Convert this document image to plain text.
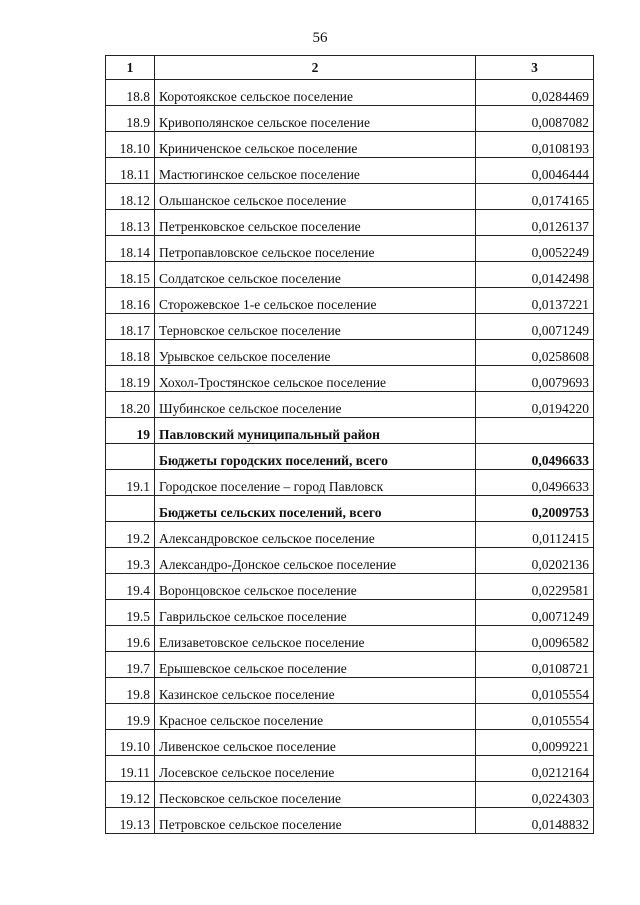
56
1	2	3
18.8	Коротоякское сельское поселение	0,0284469
18.9	Кривополянское сельское поселение	0,0087082
18.10	Криниченское сельское поселение	0,0108193
18.11	Мастюгинское сельское поселение	0,0046444
18.12	Ольшанское сельское поселение	0,0174165
18.13	Петренковское сельское поселение	0,0126137
18.14	Петропавловское сельское поселение	0,0052249
18.15	Солдатское сельское поселение	0,0142498
18.16	Сторожевское 1-е сельское поселение	0,0137221
18.17	Терновское сельское поселение	0,0071249
18.18	Урывское сельское поселение	0,0258608
18.19	Хохол-Тростянское сельское поселение	0,0079693
18.20	Шубинское сельское поселение	0,0194220
19	Павловский муниципальный район	
	Бюджеты городских поселений, всего	0,0496633
19.1	Городское поселение – город Павловск	0,0496633
	Бюджеты сельских поселений, всего	0,2009753
19.2	Александровское сельское поселение	0,0112415
19.3	Александро-Донское сельское поселение	0,0202136
19.4	Воронцовское сельское поселение	0,0229581
19.5	Гаврильское сельское поселение	0,0071249
19.6	Елизаветовское сельское поселение	0,0096582
19.7	Ерышевское сельское поселение	0,0108721
19.8	Казинское сельское поселение	0,0105554
19.9	Красное сельское поселение	0,0105554
19.10	Ливенское сельское поселение	0,0099221
19.11	Лосевское сельское поселение	0,0212164
19.12	Песковское сельское поселение	0,0224303
19.13	Петровское сельское поселение	0,0148832
